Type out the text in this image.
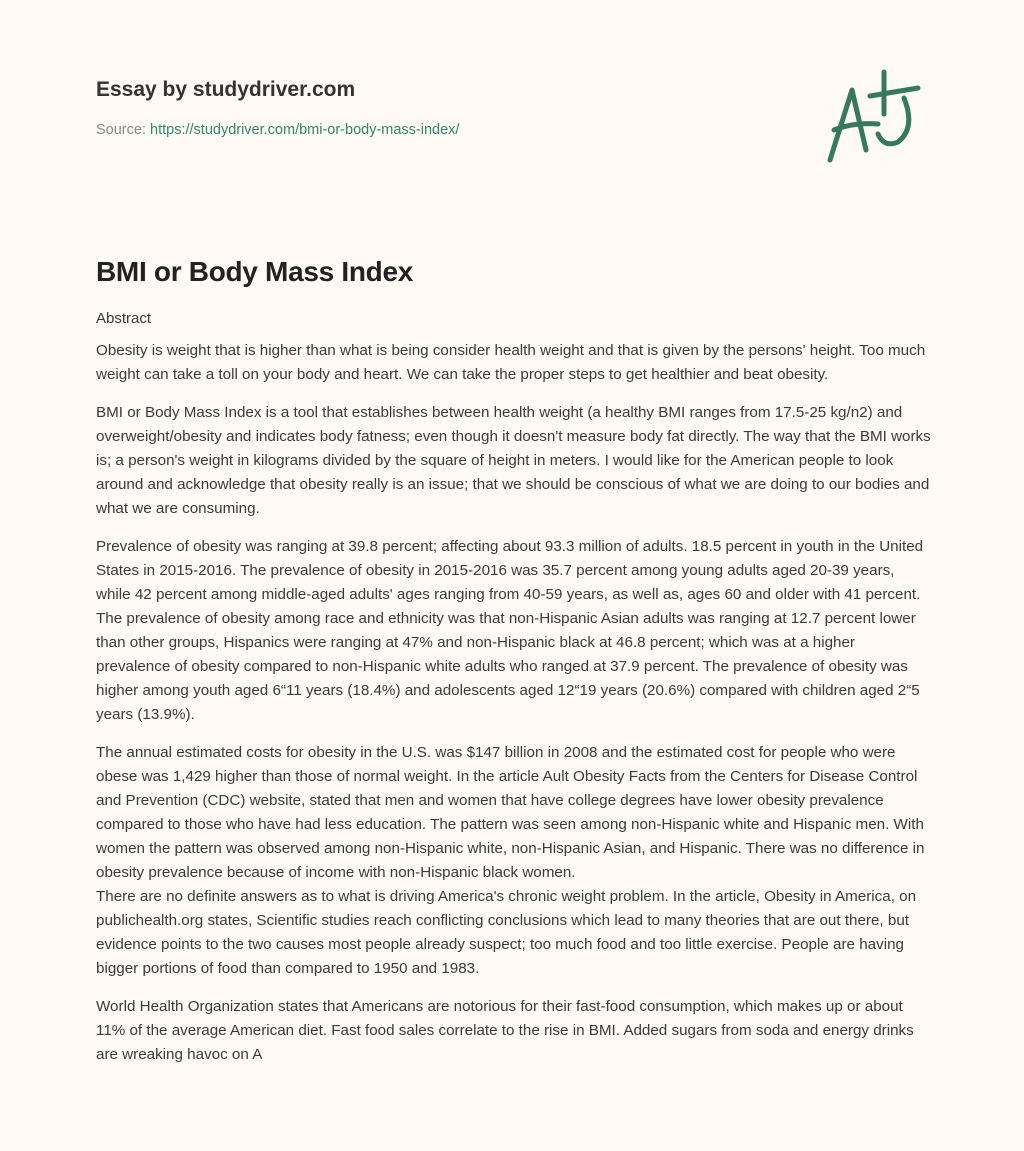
Essay by studydriver.com
Source: https://studydriver.com/bmi-or-body-mass-index/
BMI or Body Mass Index
Abstract

Obesity is weight that is higher than what is being consider health weight and that is given by the persons' height. Too much weight can take a toll on your body and heart. We can take the proper steps to get healthier and beat obesity.

BMI or Body Mass Index is a tool that establishes between health weight (a healthy BMI ranges from 17.5-25 kg/n2) and overweight/obesity and indicates body fatness; even though it doesn't measure body fat directly. The way that the BMI works is; a person's weight in kilograms divided by the square of height in meters. I would like for the American people to look around and acknowledge that obesity really is an issue; that we should be conscious of what we are doing to our bodies and what we are consuming.

Prevalence of obesity was ranging at 39.8 percent; affecting about 93.3 million of adults. 18.5 percent in youth in the United States in 2015-2016. The prevalence of obesity in 2015-2016 was 35.7 percent among young adults aged 20-39 years, while 42 percent among middle-aged adults' ages ranging from 40-59 years, as well as, ages 60 and older with 41 percent. The prevalence of obesity among race and ethnicity was that non-Hispanic Asian adults was ranging at 12.7 percent lower than other groups, Hispanics were ranging at 47% and non-Hispanic black at 46.8 percent; which was at a higher prevalence of obesity compared to non-Hispanic white adults who ranged at 37.9 percent. The prevalence of obesity was higher among youth aged 6“11 years (18.4%) and adolescents aged 12“19 years (20.6%) compared with children aged 2“5 years (13.9%).

The annual estimated costs for obesity in the U.S. was $147 billion in 2008 and the estimated cost for people who were obese was 1,429 higher than those of normal weight. In the article Ault Obesity Facts from the Centers for Disease Control and Prevention (CDC) website, stated that men and women that have college degrees have lower obesity prevalence compared to those who have had less education. The pattern was seen among non-Hispanic white and Hispanic men. With women the pattern was observed among non-Hispanic white, non-Hispanic Asian, and Hispanic. There was no difference in obesity prevalence because of income with non-Hispanic black women.

There are no definite answers as to what is driving America's chronic weight problem. In the article, Obesity in America, on publichealth.org states, Scientific studies reach conflicting conclusions which lead to many theories that are out there, but evidence points to the two causes most people already suspect; too much food and too little exercise. People are having bigger portions of food than compared to 1950 and 1983.

World Health Organization states that Americans are notorious for their fast-food consumption, which makes up or about 11% of the average American diet. Fast food sales correlate to the rise in BMI. Added sugars from soda and energy drinks are wreaking havoc on A
